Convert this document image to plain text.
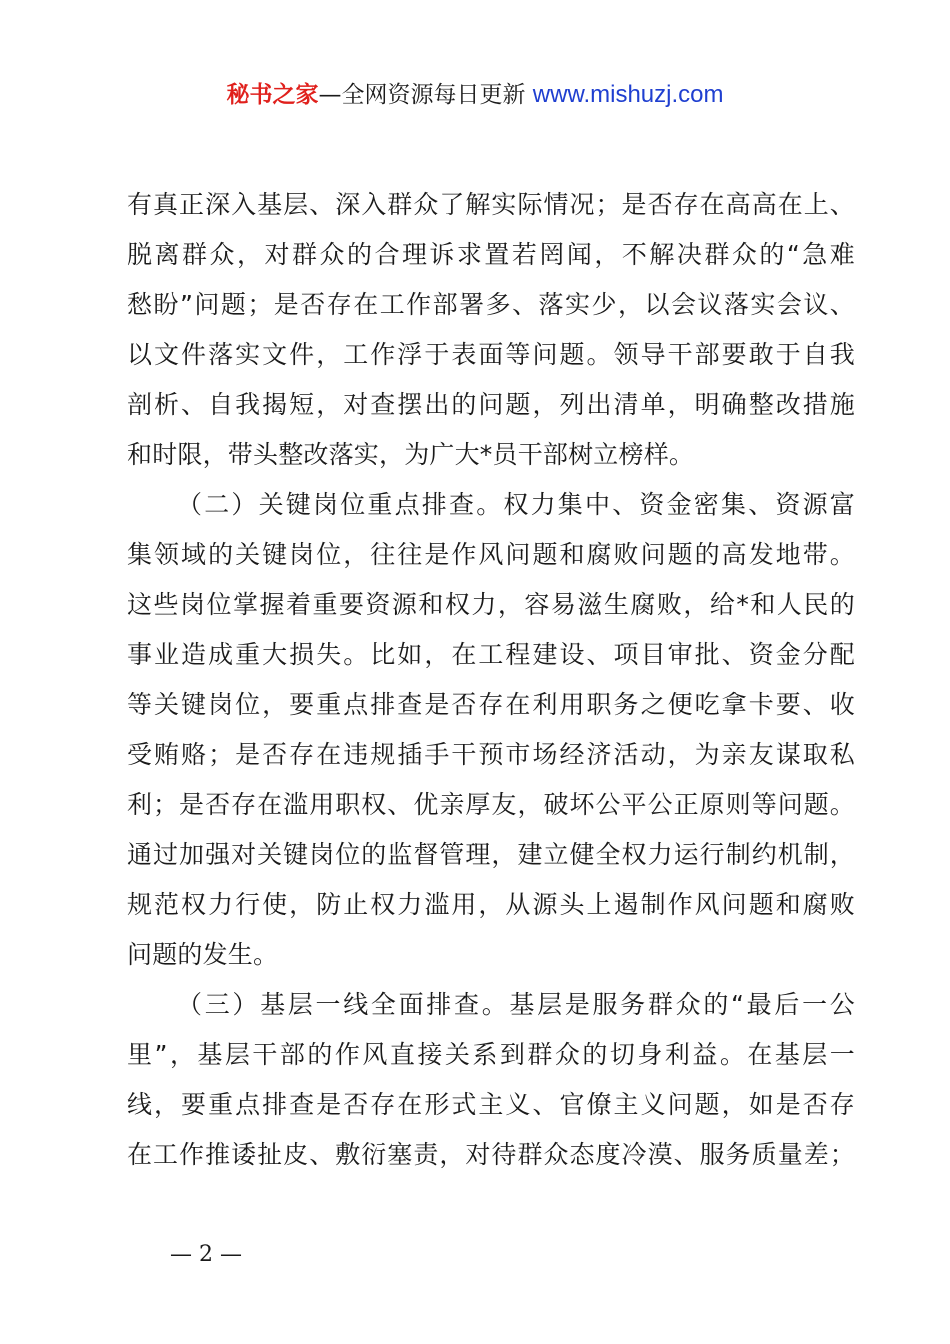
秘书之家—全网资源每日更新 www.mishuzj.com
有真正深入基层、深入群众了解实际情况；是否存在高高在上、
脱离群众，对群众的合理诉求置若罔闻，不解决群众的“急难
愁盼”问题；是否存在工作部署多、落实少，以会议落实会议、
以文件落实文件，工作浮于表面等问题。领导干部要敢于自我
剖析、自我揭短，对查摆出的问题，列出清单，明确整改措施
和时限，带头整改落实，为广大*员干部树立榜样。
（二）关键岗位重点排查。权力集中、资金密集、资源富
集领域的关键岗位，往往是作风问题和腐败问题的高发地带。
这些岗位掌握着重要资源和权力，容易滋生腐败，给*和人民的
事业造成重大损失。比如，在工程建设、项目审批、资金分配
等关键岗位，要重点排查是否存在利用职务之便吃拿卡要、收
受贿赂；是否存在违规插手干预市场经济活动，为亲友谋取私
利；是否存在滥用职权、优亲厚友，破坏公平公正原则等问题。
通过加强对关键岗位的监督管理，建立健全权力运行制约机制，
规范权力行使，防止权力滥用，从源头上遏制作风问题和腐败
问题的发生。
（三）基层一线全面排查。基层是服务群众的“最后一公
里”，基层干部的作风直接关系到群众的切身利益。在基层一
线，要重点排查是否存在形式主义、官僚主义问题，如是否存
在工作推诿扯皮、敷衍塞责，对待群众态度冷漠、服务质量差；
— 2 —
